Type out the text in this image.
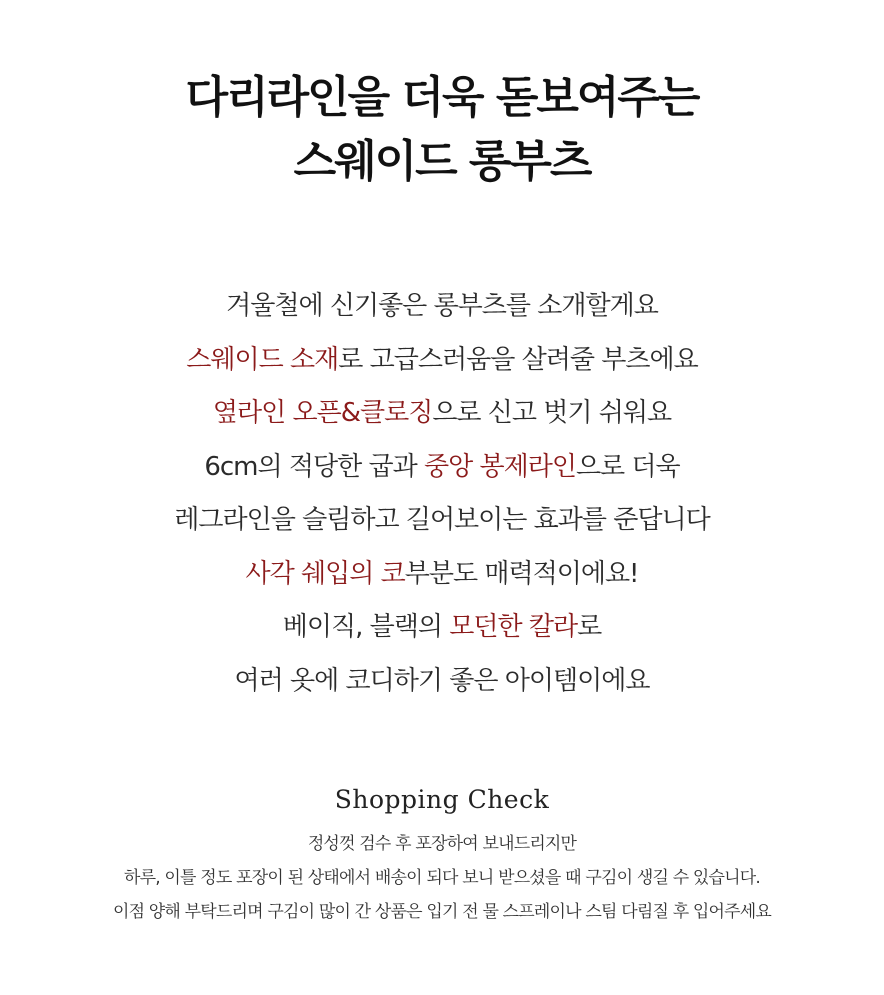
다리라인을 더욱 돋보여주는
스웨이드 롱부츠
겨울철에 신기좋은 롱부츠를 소개할게요
스웨이드 소재로 고급스러움을 살려줄 부츠에요
옆라인 오픈&클로징으로 신고 벗기 쉬워요
6cm의 적당한 굽과 중앙 봉제라인으로 더욱
레그라인을 슬림하고 길어보이는 효과를 준답니다
사각 쉐입의 코부분도 매력적이에요!
베이직, 블랙의 모던한 칼라로
여러 옷에 코디하기 좋은 아이템이에요
Shopping Check
정성껏 검수 후 포장하여 보내드리지만
하루, 이틀 정도 포장이 된 상태에서 배송이 되다 보니 받으셨을 때 구김이 생길 수 있습니다.
이점 양해 부탁드리며 구김이 많이 간 상품은 입기 전 물 스프레이나 스팀 다림질 후 입어주세요
